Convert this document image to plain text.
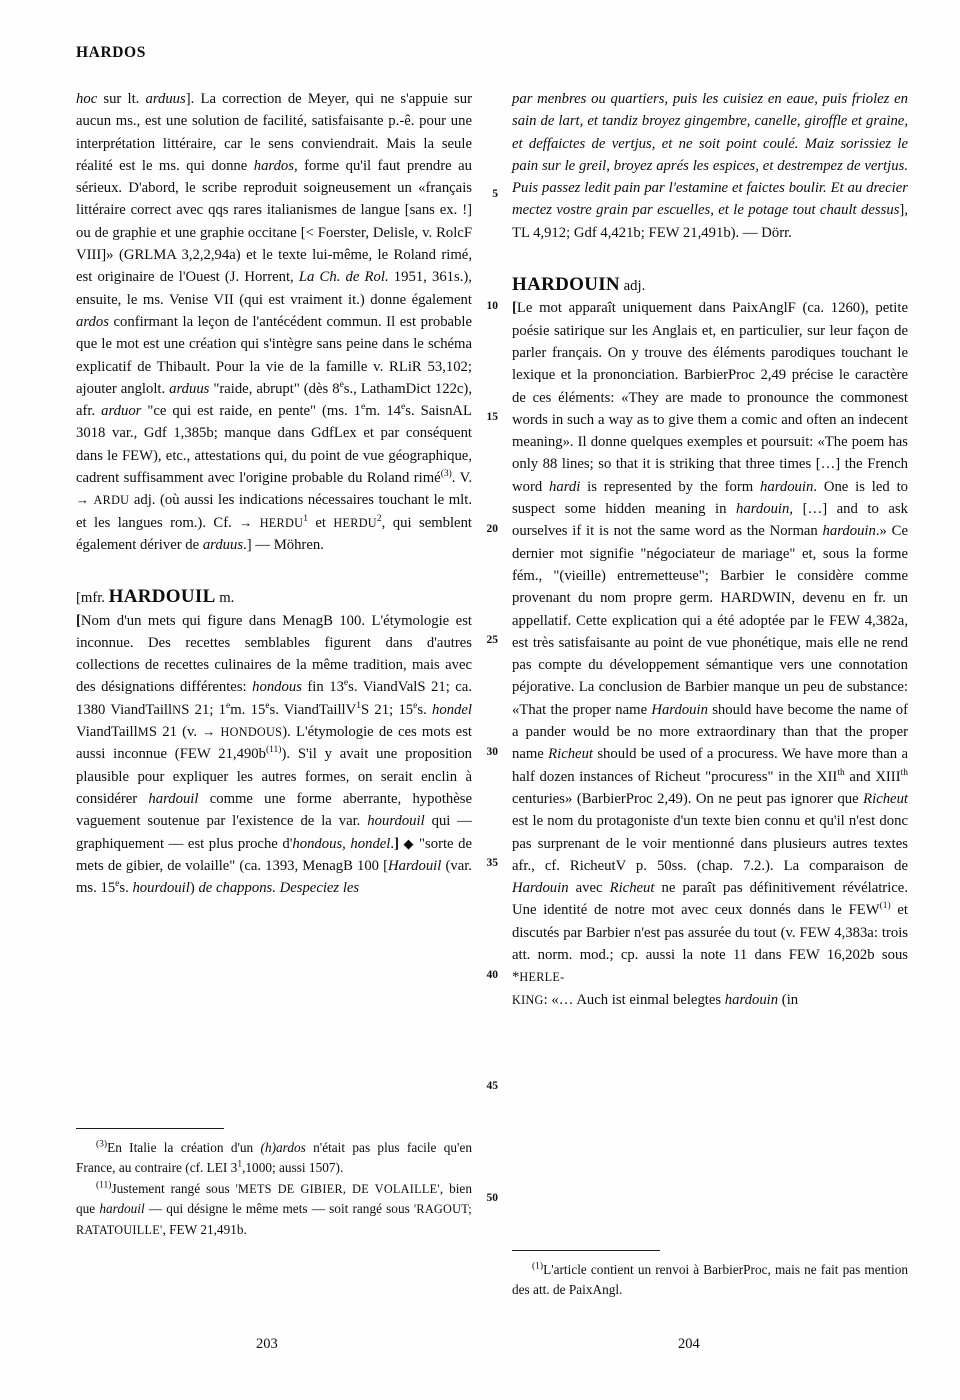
HARDOS
5
10
15
20
25
30
35
40
45
50

hoc sur lt. arduus]. La correction de Meyer, qui ne s'appuie sur aucun ms., est une solution de facilité, satisfaisante p.-ê. pour une interprétation littéraire, car le sens conviendrait. Mais la seule réalité est le ms. qui donne hardos, forme qu'il faut prendre au sérieux. D'abord, le scribe reproduit soigneusement un «français littéraire correct avec qqs rares italianismes de langue [sans ex. !] ou de graphie et une graphie occitane [< Foerster, Delisle, v. RolcF VIII]» (GRLMA 3,2,2,94a) et le texte lui-même, le Roland rimé, est originaire de l'Ouest (J. Horrent, La Ch. de Rol. 1951, 361s.), ensuite, le ms. Venise VII (qui est vraiment it.) donne également ardos confirmant la leçon de l'antécédent commun. Il est probable que le mot est une création qui s'intègre sans peine dans le schéma explicatif de Thibault. Pour la vie de la famille v. RLiR 53,102; ajouter anglolt. arduus "raide, abrupt" (dès 8es., LathamDict 122c), afr. arduor "ce qui est raide, en pente" (ms. 1em. 14es. SaisnAL 3018 var., Gdf 1,385b; manque dans GdfLex et par conséquent dans le FEW), etc., attestations qui, du point de vue géographique, cadrent suffisamment avec l'origine probable du Roland rimé$^{(3)}$. V. → ARDU adj. (où aussi les indications nécessaires touchant le mlt. et les langues rom.). Cf. → $HERDU^1$ et HERDU$^2$, qui semblent également dériver de arduus.] — Möhren.

[mfr. HARDOUIL m.

[Nom d'un mets qui figure dans MenagB 100. L'étymologie est inconnue. Des recettes semblables figurent dans d'autres collections de recettes culinaires de la même tradition, mais avec des désignations différentes: hondous fin 13es. ViandValS 21; ca. 1380 ViandTaillNS 21; 1em. 15es. ViandTaillV$^1$S 21; 15es. hondel ViandTaillMS 21 (v. → HONDOUS). L'étymologie de ces mots est aussi inconnue (FEW $21,490b^{(11)}$). S'il y avait une proposition plausible pour expliquer les autres formes, on serait enclin à considérer hardouil comme une forme aberrante, hypothèse vaguement soutenue par l'existence de la var. hourdouil qui — graphiquement — est plus proche d'hondous, hondel.] ◆ "sorte de mets de gibier, de volaille" (ca. 1393, MenagB 100 [Hardouil (var. ms. 15es. hourdouil) de chappons. Despeciez les

par menbres ou quartiers, puis les cuisiez en eaue, puis friolez en sain de lart, et tandiz broyez gingembre, canelle, giroffle et graine, et deffaictes de vertjus, et ne soit point coulé. Maiz sorissiez le pain sur le greil, broyez aprés les espices, et destrempez de vertjus. Puis passez ledit pain par l'estamine et faictes boulir. Et au drecier mectez vostre grain par escuelles, et le potage tout chault dessus], TL 4,912; Gdf 4,421b; FEW 21,491b). — Dörr.

HARDOUIN adj.

[Le mot apparaît uniquement dans PaixAnglF (ca. 1260), petite poésie satirique sur les Anglais et, en particulier, sur leur façon de parler français. On y trouve des éléments parodiques touchant le lexique et la prononciation. BarbierProc 2,49 précise le caractère de ces éléments: «They are made to pronounce the commonest words in such a way as to give them a comic and often an indecent meaning». Il donne quelques exemples et poursuit: «The poem has only 88 lines; so that it is striking that three times […] the French word hardi is represented by the form hardouin. One is led to suspect some hidden meaning in hardouin, […] and to ask ourselves if it is not the same word as the Norman hardouin.» Ce dernier mot signifie "négociateur de mariage" et, sous la forme fém., "(vieille) entremetteuse"; Barbier le considère comme provenant du nom propre germ. HARDWIN, devenu en fr. un appellatif. Cette explication qui a été adoptée par le FEW 4,382a, est très satisfaisante au point de vue phonétique, mais elle ne rend pas compte du développement sémantique vers une connotation péjorative. La conclusion de Barbier manque un peu de substance: «That the proper name Hardouin should have become the name of a pander would be no more extraordinary than that the proper name Richeut should be used of a procuress. We have more than a half dozen instances of Richeut "procuress" in the XIIth and XIIIth centuries» (BarbierProc 2,49). On ne peut pas ignorer que Richeut est le nom du protagoniste d'un texte bien connu et qu'il n'est donc pas surprenant de le voir mentionné dans plusieurs autres textes afr., cf. RicheutV p. 50ss. (chap. 7.2.). La comparaison de Hardouin avec Richeut ne paraît pas définitivement révélatrice. Une identité de notre mot avec ceux donnés dans le FEW$^{(1)}$ et discutés par Barbier n'est pas assurée du tout (v. FEW 4,383a: trois att. norm. mod.; cp. aussi la note 11 dans FEW 16,202b sous *HERLE-
KING: «… Auch ist einmal belegtes hardouin (in

$^{(3)}$En Italie la création d'un (h)ardos n'était pas plus facile qu'en France, au contraire (cf. LEI $3^1,1000$; aussi 1507).

$^{(11)}$Justement rangé sous 'METS DE GIBIER, DE VOLAILLE', bien que hardouil — qui désigne le même mets — soit rangé sous 'RAGOUT; RATATOUILLE', FEW 21,491b.

$^{(1)}$L'article contient un renvoi à BarbierProc, mais ne fait pas mention des att. de PaixAngl.

203	204
